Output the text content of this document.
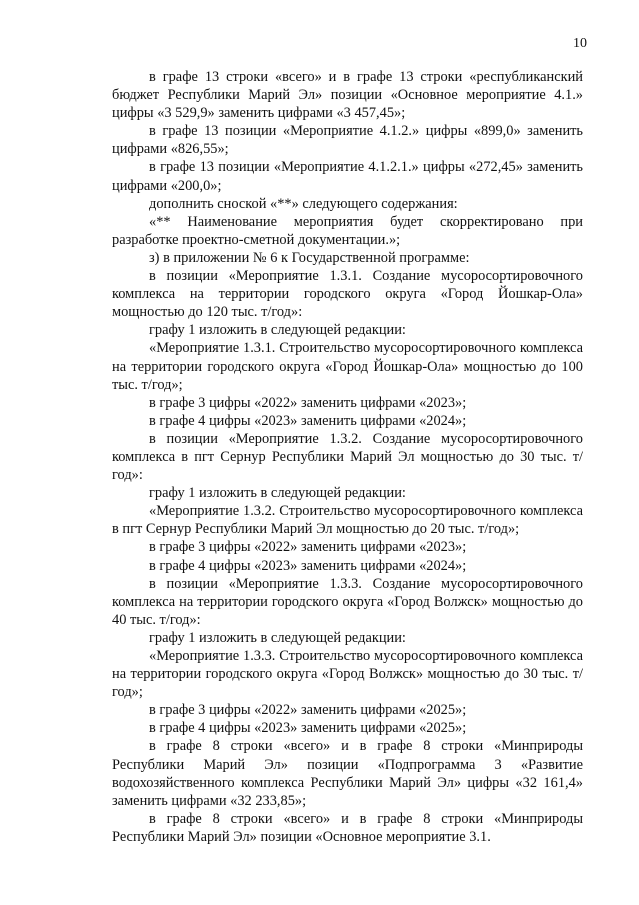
10

в графе 13 строки «всего» и в графе 13 строки «республиканский бюджет Республики Марий Эл» позиции «Основное мероприятие 4.1.» цифры «3 529,9» заменить цифрами «3 457,45»;

в графе 13 позиции «Мероприятие 4.1.2.» цифры «899,0» заменить цифрами «826,55»;

в графе 13 позиции «Мероприятие 4.1.2.1.» цифры «272,45» заменить цифрами «200,0»;

дополнить сноской «**» следующего содержания:

«** Наименование мероприятия будет скорректировано при разработке проектно-сметной документации.»;

з) в приложении № 6 к Государственной программе:

в позиции «Мероприятие 1.3.1. Создание мусоросортировочного комплекса на территории городского округа «Город Йошкар-Ола» мощностью до 120 тыс. т/год»:

графу 1 изложить в следующей редакции:

«Мероприятие 1.3.1. Строительство мусоросортировочного комплекса на территории городского округа «Город Йошкар-Ола» мощностью до 100 тыс. т/год»;

в графе 3 цифры «2022» заменить цифрами «2023»;

в графе 4 цифры «2023» заменить цифрами «2024»;

в позиции «Мероприятие 1.3.2. Создание мусоросортировочного комплекса в пгт Сернур Республики Марий Эл мощностью до 30 тыс. т/год»:

графу 1 изложить в следующей редакции:

«Мероприятие 1.3.2. Строительство мусоросортировочного комплекса в пгт Сернур Республики Марий Эл мощностью до 20 тыс. т/год»;

в графе 3 цифры «2022» заменить цифрами «2023»;

в графе 4 цифры «2023» заменить цифрами «2024»;

в позиции «Мероприятие 1.3.3. Создание мусоросортировочного комплекса на территории городского округа «Город Волжск» мощностью до 40 тыс. т/год»:

графу 1 изложить в следующей редакции:

«Мероприятие 1.3.3. Строительство мусоросортировочного комплекса на территории городского округа «Город Волжск» мощностью до 30 тыс. т/год»;

в графе 3 цифры «2022» заменить цифрами «2025»;

в графе 4 цифры «2023» заменить цифрами «2025»;

в графе 8 строки «всего» и в графе 8 строки «Минприроды Республики Марий Эл» позиции «Подпрограмма 3 «Развитие водохозяйственного комплекса Республики Марий Эл» цифры «32 161,4» заменить цифрами «32 233,85»;

в графе 8 строки «всего» и в графе 8 строки «Минприроды Республики Марий Эл» позиции «Основное мероприятие 3.1.
